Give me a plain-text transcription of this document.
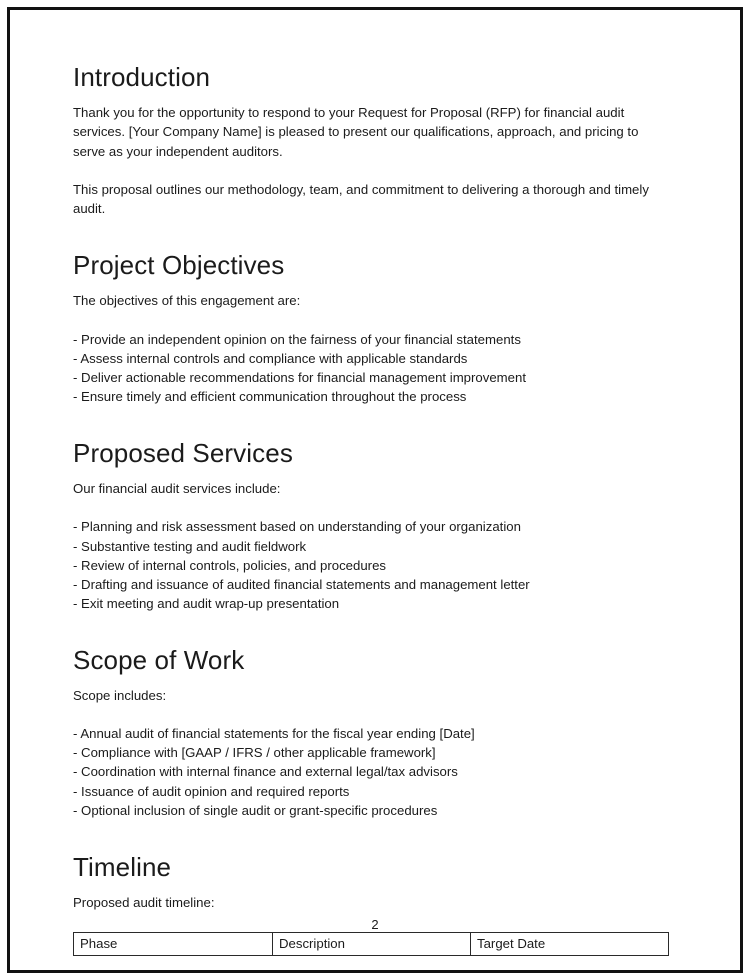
Introduction

Thank you for the opportunity to respond to your Request for Proposal (RFP) for financial audit services. [Your Company Name] is pleased to present our qualifications, approach, and pricing to serve as your independent auditors.

This proposal outlines our methodology, team, and commitment to delivering a thorough and timely audit.

Project Objectives

The objectives of this engagement are:

- Provide an independent opinion on the fairness of your financial statements
- Assess internal controls and compliance with applicable standards
- Deliver actionable recommendations for financial management improvement
- Ensure timely and efficient communication throughout the process
Proposed Services

Our financial audit services include:

- Planning and risk assessment based on understanding of your organization
- Substantive testing and audit fieldwork
- Review of internal controls, policies, and procedures
- Drafting and issuance of audited financial statements and management letter
- Exit meeting and audit wrap-up presentation
Scope of Work

Scope includes:

- Annual audit of financial statements for the fiscal year ending [Date]
- Compliance with [GAAP / IFRS / other applicable framework]
- Coordination with internal finance and external legal/tax advisors
- Issuance of audit opinion and required reports
- Optional inclusion of single audit or grant-specific procedures
Timeline

Proposed audit timeline:

Phase	Description	Target Date
2
